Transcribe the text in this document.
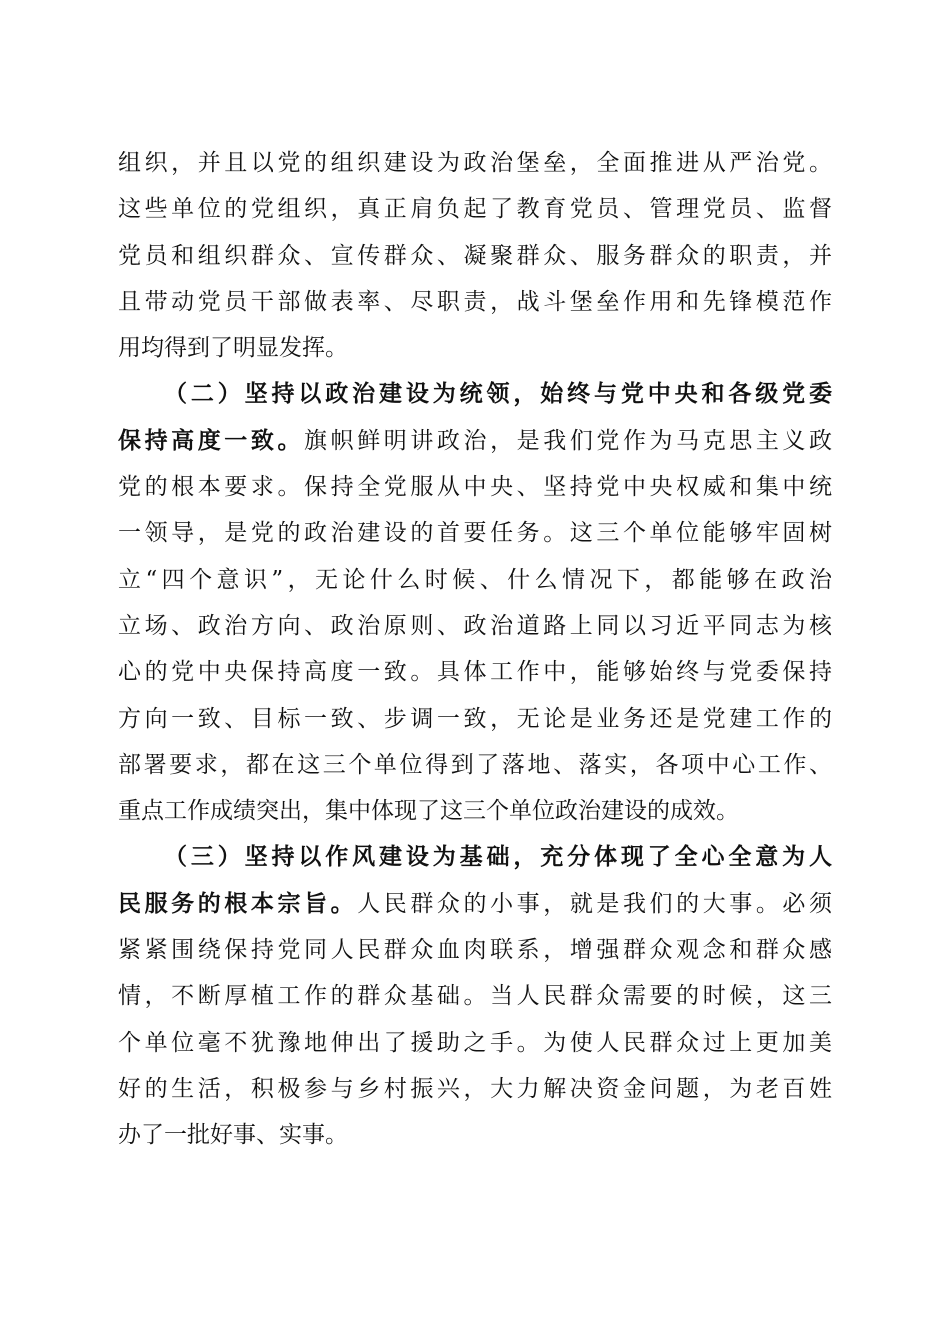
组织，并且以党的组织建设为政治堡垒，全面推进从严治党。
这些单位的党组织，真正肩负起了教育党员、管理党员、监督
党员和组织群众、宣传群众、凝聚群众、服务群众的职责，并
且带动党员干部做表率、尽职责，战斗堡垒作用和先锋模范作
用均得到了明显发挥。
（二）坚持以政治建设为统领，始终与党中央和各级党委
保持高度一致。旗帜鲜明讲政治，是我们党作为马克思主义政
党的根本要求。保持全党服从中央、坚持党中央权威和集中统
一领导，是党的政治建设的首要任务。这三个单位能够牢固树
立“四个意识”，无论什么时候、什么情况下，都能够在政治
立场、政治方向、政治原则、政治道路上同以习近平同志为核
心的党中央保持高度一致。具体工作中，能够始终与党委保持
方向一致、目标一致、步调一致，无论是业务还是党建工作的
部署要求，都在这三个单位得到了落地、落实，各项中心工作、
重点工作成绩突出，集中体现了这三个单位政治建设的成效。
（三）坚持以作风建设为基础，充分体现了全心全意为人
民服务的根本宗旨。人民群众的小事，就是我们的大事。必须
紧紧围绕保持党同人民群众血肉联系，增强群众观念和群众感
情，不断厚植工作的群众基础。当人民群众需要的时候，这三
个单位毫不犹豫地伸出了援助之手。为使人民群众过上更加美
好的生活，积极参与乡村振兴，大力解决资金问题，为老百姓
办了一批好事、实事。
